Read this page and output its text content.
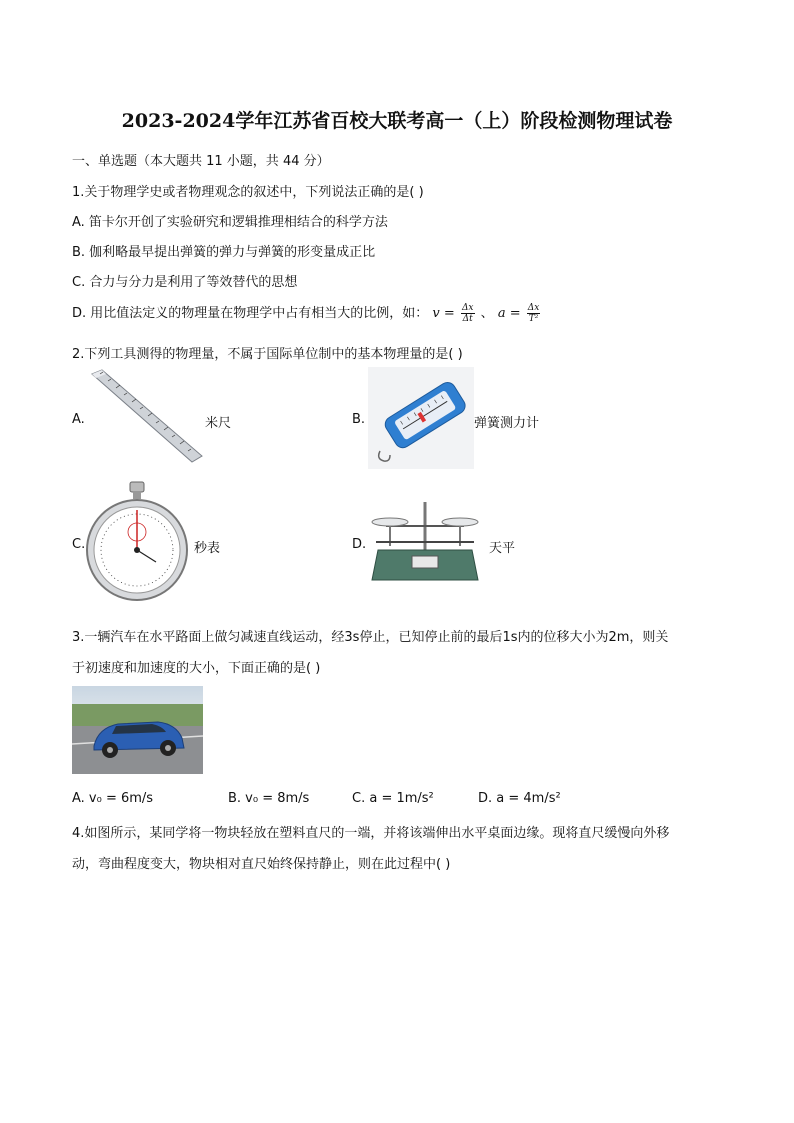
2023-2024学年江苏省百校大联考高一（上）阶段检测物理试卷
一、单选题（本大题共 11 小题，共 44 分）
1.关于物理学史或者物理观念的叙述中，下列说法正确的是( )
A. 笛卡尔开创了实验研究和逻辑推理相结合的科学方法
B. 伽利略最早提出弹簧的弹力与弹簧的形变量成正比
C. 合力与分力是利用了等效替代的思想
D. 用比值法定义的物理量在物理学中占有相当大的比例，如： $v = \frac{\Delta x}{\Delta t}$ 、 $a = \frac{\Delta x}{\text{T²}}$
2.下列工具测得的物理量，不属于国际单位制中的基本物理量的是( )
A.	米尺	B.	弹簧测力计
C.	秒表	D.	天平
3.一辆汽车在水平路面上做匀减速直线运动，经3s停止，已知停止前的最后1s内的位移大小为2m，则关
于初速度和加速度的大小，下面正确的是( )
A. v₀ = 6m/s	B. v₀ = 8m/s	C. a = 1m/s²	D. a = 4m/s²
4.如图所示，某同学将一物块轻放在塑料直尺的一端，并将该端伸出水平桌面边缘。现将直尺缓慢向外移
动，弯曲程度变大，物块相对直尺始终保持静止，则在此过程中( )
